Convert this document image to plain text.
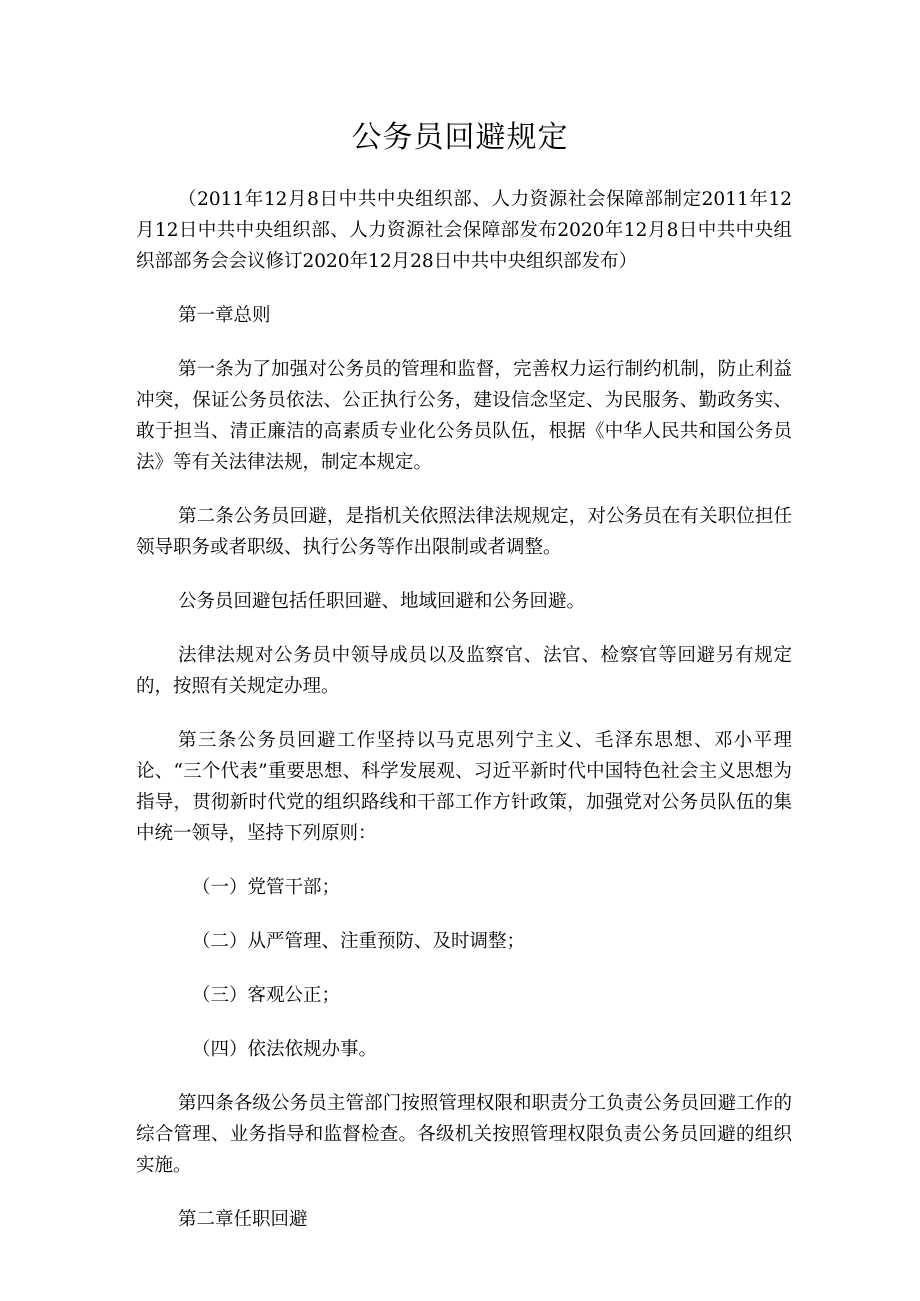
公务员回避规定

（2011年12月8日中共中央组织部、人力资源社会保障部制定2011年12月12日中共中央组织部、人力资源社会保障部发布2020年12月8日中共中央组织部部务会会议修订2020年12月28日中共中央组织部发布）

第一章总则

第一条为了加强对公务员的管理和监督，完善权力运行制约机制，防止利益冲突，保证公务员依法、公正执行公务，建设信念坚定、为民服务、勤政务实、敢于担当、清正廉洁的高素质专业化公务员队伍，根据《中华人民共和国公务员法》等有关法律法规，制定本规定。

第二条公务员回避，是指机关依照法律法规规定，对公务员在有关职位担任领导职务或者职级、执行公务等作出限制或者调整。

公务员回避包括任职回避、地域回避和公务回避。

法律法规对公务员中领导成员以及监察官、法官、检察官等回避另有规定的，按照有关规定办理。

第三条公务员回避工作坚持以马克思列宁主义、毛泽东思想、邓小平理论、“三个代表”重要思想、科学发展观、习近平新时代中国特色社会主义思想为指导，贯彻新时代党的组织路线和干部工作方针政策，加强党对公务员队伍的集中统一领导，坚持下列原则：

（一）党管干部；

（二）从严管理、注重预防、及时调整；

（三）客观公正；

（四）依法依规办事。

第四条各级公务员主管部门按照管理权限和职责分工负责公务员回避工作的综合管理、业务指导和监督检查。各级机关按照管理权限负责公务员回避的组织实施。

第二章任职回避
